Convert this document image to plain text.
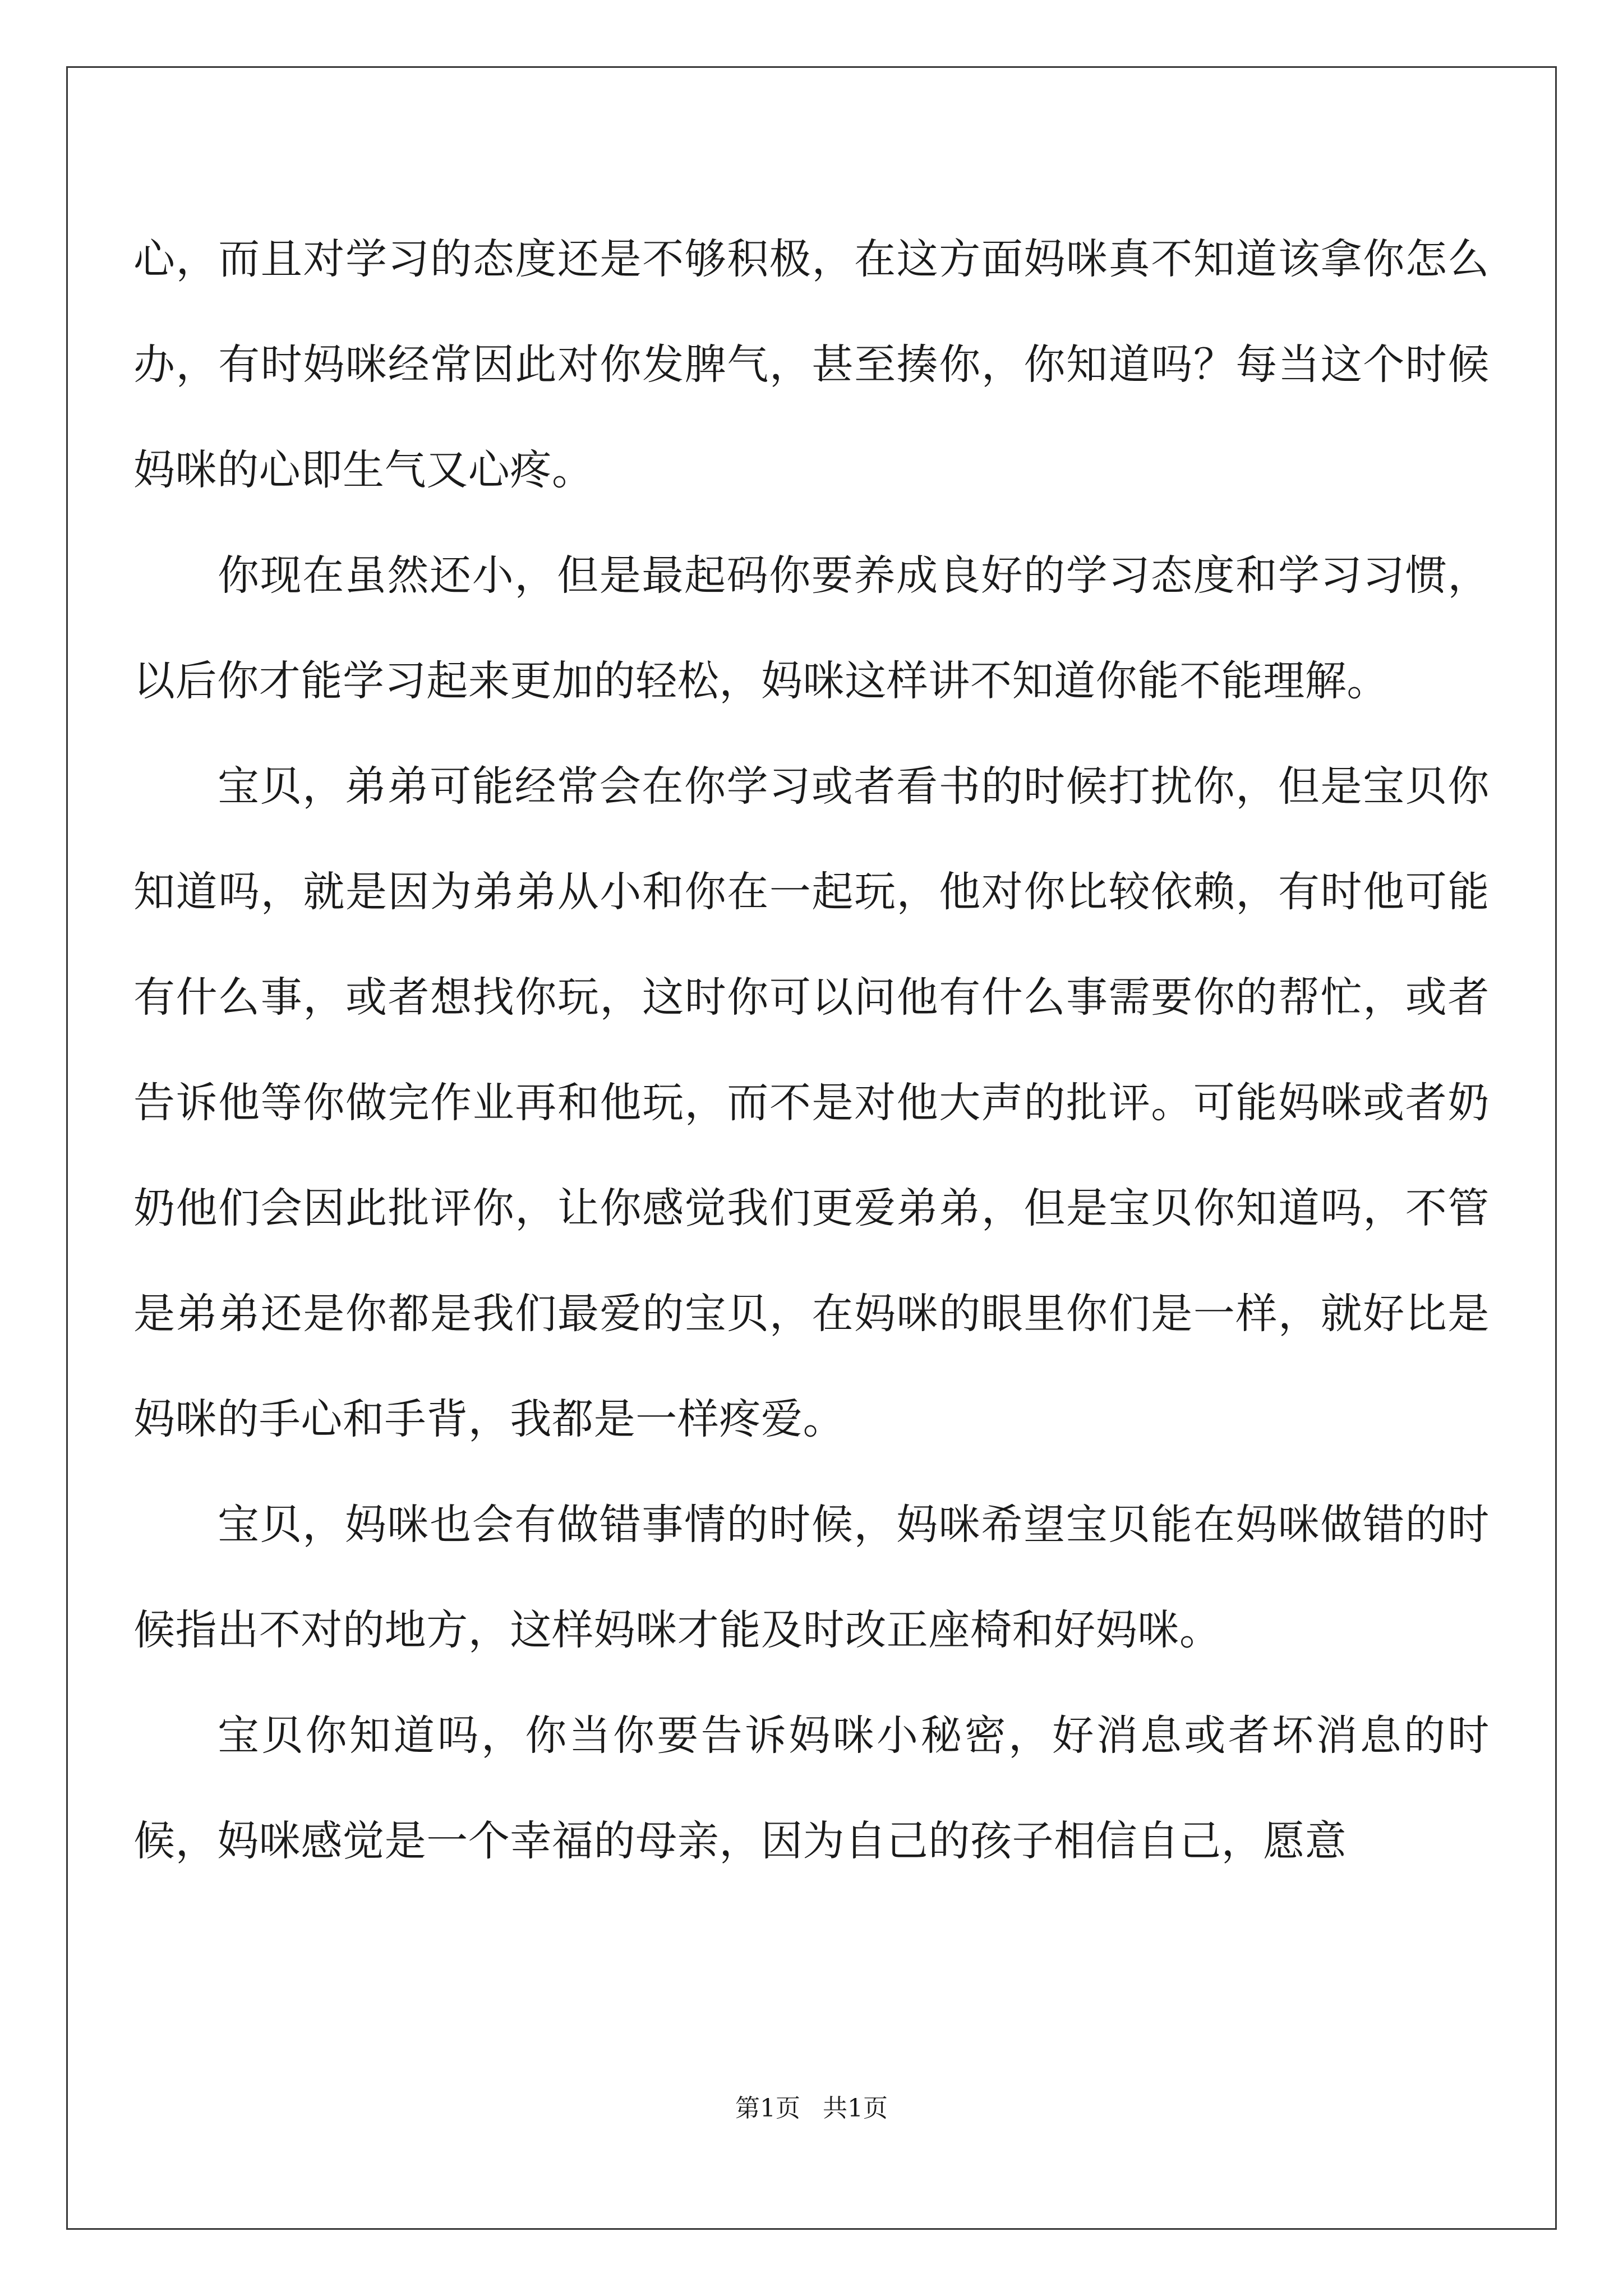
心，而且对学习的态度还是不够积极，在这方面妈咪真不知道该拿你怎么办，有时妈咪经常因此对你发脾气，甚至揍你，你知道吗？每当这个时候妈咪的心即生气又心疼。

你现在虽然还小，但是最起码你要养成良好的学习态度和学习习惯，以后你才能学习起来更加的轻松，妈咪这样讲不知道你能不能理解。

宝贝，弟弟可能经常会在你学习或者看书的时候打扰你，但是宝贝你知道吗，就是因为弟弟从小和你在一起玩，他对你比较依赖，有时他可能有什么事，或者想找你玩，这时你可以问他有什么事需要你的帮忙，或者告诉他等你做完作业再和他玩，而不是对他大声的批评。可能妈咪或者奶奶他们会因此批评你，让你感觉我们更爱弟弟，但是宝贝你知道吗，不管是弟弟还是你都是我们最爱的宝贝，在妈咪的眼里你们是一样，就好比是妈咪的手心和手背，我都是一样疼爱。

宝贝，妈咪也会有做错事情的时候，妈咪希望宝贝能在妈咪做错的时候指出不对的地方，这样妈咪才能及时改正座椅和好妈咪。

宝贝你知道吗，你当你要告诉妈咪小秘密，好消息或者坏消息的时候，妈咪感觉是一个幸福的母亲，因为自己的孩子相信自己，愿意

第1页 共1页
